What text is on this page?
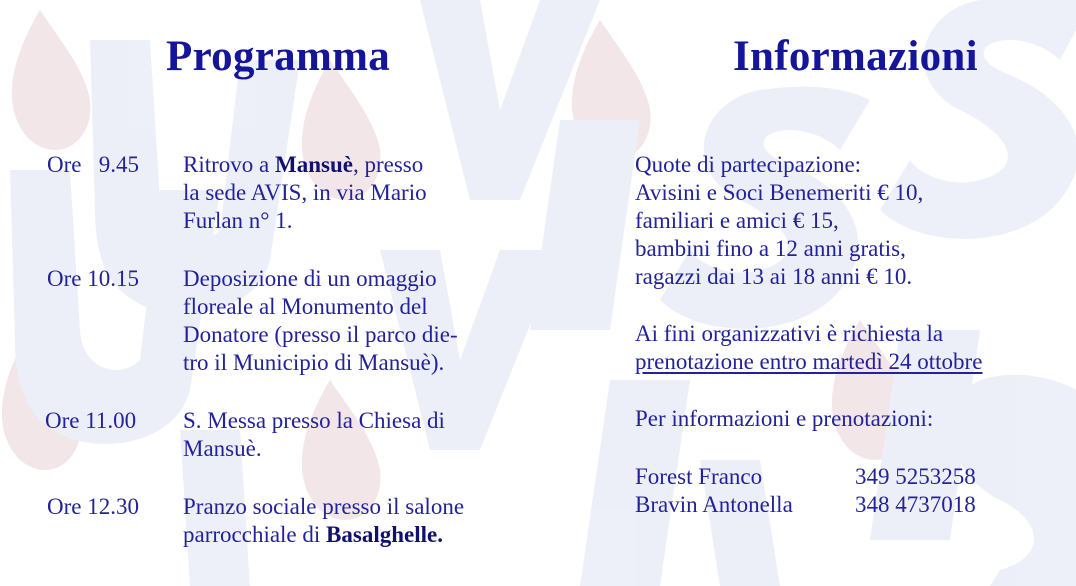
Programma	Informazioni
Ore   9.45 Ritrovo a Mansuè, presso
la sede AVIS, in via Mario
Furlan n° 1.
Ore 10.15 Deposizione di un omaggio
floreale al Monumento del
Donatore (presso il parco die-
tro il Municipio di Mansuè).
Ore 11.00 S. Messa presso la Chiesa di
Mansuè.
Ore 12.30 Pranzo sociale presso il salone
parrocchiale di Basalghelle.
Quote di partecipazione:
Avisini e Soci Benemeriti € 10,
familiari e amici € 15,
bambini fino a 12 anni gratis,
ragazzi dai 13 ai 18 anni € 10.
Ai fini organizzativi è richiesta la
prenotazione entro martedì 24 ottobre
Per informazioni e prenotazioni:
Forest Franco	349 5253258
Bravin Antonella	348 4737018
